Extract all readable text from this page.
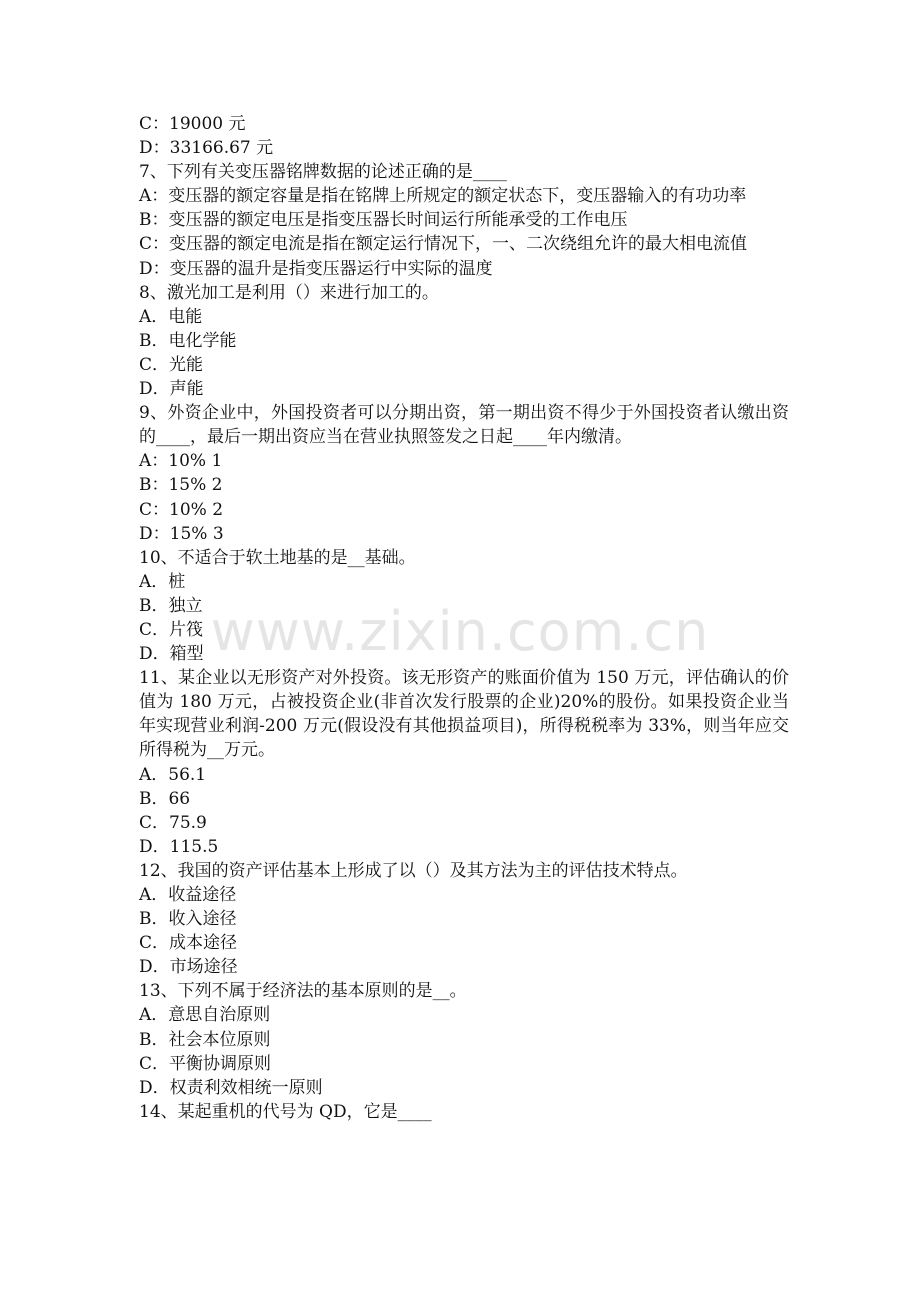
C：19000 元
D：33166.67 元
7、下列有关变压器铭牌数据的论述正确的是____
A：变压器的额定容量是指在铭牌上所规定的额定状态下，变压器输入的有功功率
B：变压器的额定电压是指变压器长时间运行所能承受的工作电压
C：变压器的额定电流是指在额定运行情况下，一、二次绕组允许的最大相电流值
D：变压器的温升是指变压器运行中实际的温度
8、激光加工是利用（）来进行加工的。
A．电能
B．电化学能
C．光能
D．声能
9、外资企业中，外国投资者可以分期出资，第一期出资不得少于外国投资者认缴出资的____，最后一期出资应当在营业执照签发之日起____年内缴清。
A：10% 1
B：15% 2
C：10% 2
D：15% 3
10、不适合于软土地基的是__基础。
A．桩
B．独立
C．片筏
D．箱型
11、某企业以无形资产对外投资。该无形资产的账面价值为 150 万元，评估确认的价值为 180 万元，占被投资企业(非首次发行股票的企业)20%的股份。如果投资企业当年实现营业利润-200 万元(假设没有其他损益项目)，所得税税率为 33%，则当年应交所得税为__万元。
A．56.1
B．66
C．75.9
D．115.5
12、我国的资产评估基本上形成了以（）及其方法为主的评估技术特点。
A．收益途径
B．收入途径
C．成本途径
D．市场途径
13、下列不属于经济法的基本原则的是__。
A．意思自治原则
B．社会本位原则
C．平衡协调原则
D．权责利效相统一原则
14、某起重机的代号为 QD，它是____
www.zixin.com.cn
